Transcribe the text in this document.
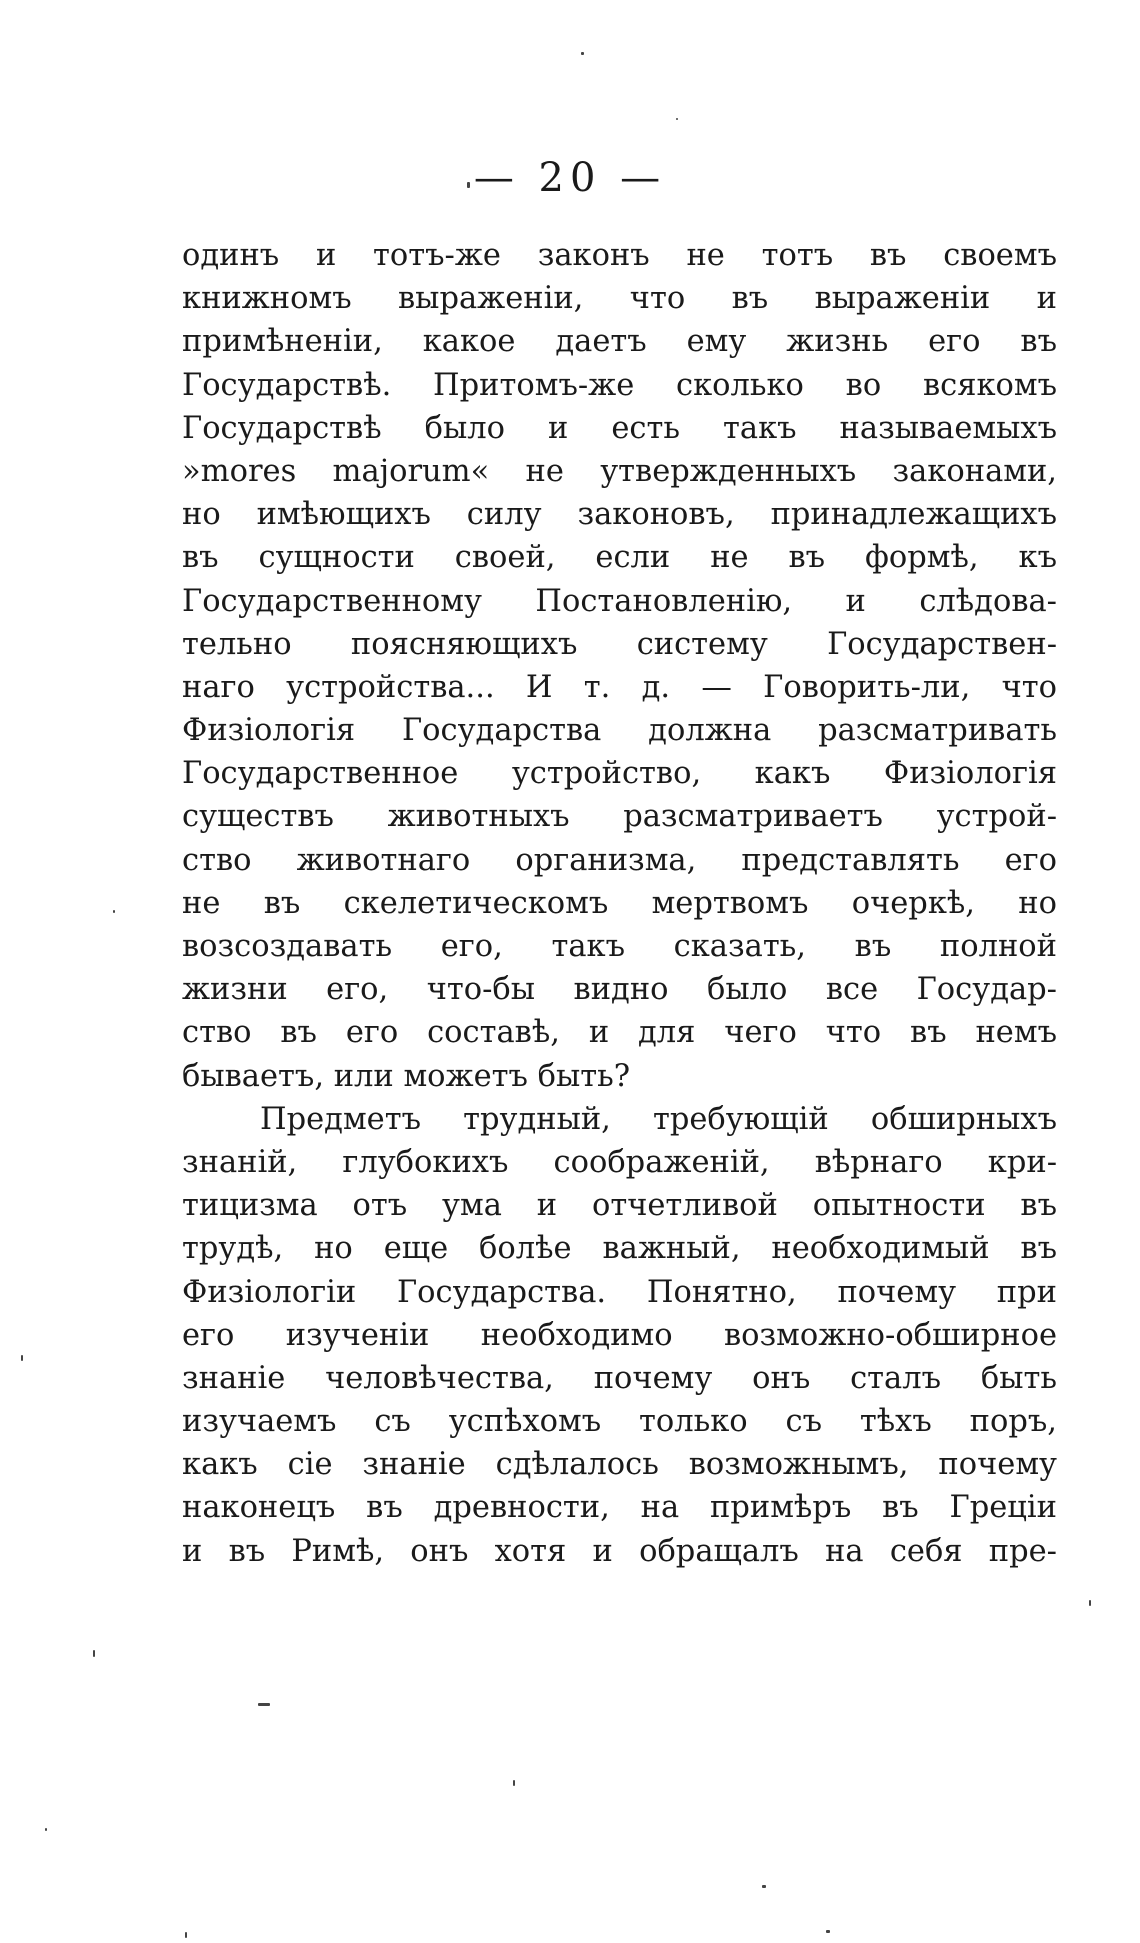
— 20 —
одинъ и тотъ-же законъ не тотъ въ своемъ
книжномъ выраженіи, что въ выраженіи и
примѣненіи, какое даетъ ему жизнь его въ
Государствѣ. Притомъ-же сколько во всякомъ
Государствѣ было и есть такъ называемыхъ
»mores majorum« не утвержденныхъ законами,
но имѣющихъ силу законовъ, принадлежащихъ
въ сущности своей, если не въ формѣ, къ
Государственному Постановленію, и слѣдова-
тельно поясняющихъ систему Государствен-
наго устройства... И т. д. — Говорить-ли, что
Физіологія Государства должна разсматривать
Государственное устройство, какъ Физіологія
существъ животныхъ разсматриваетъ устрой-
ство животнаго организма, представлять его
не въ скелетическомъ мертвомъ очеркѣ, но
возсоздавать его, такъ сказать, въ полной
жизни его, что-бы видно было все Государ-
ство въ его составѣ, и для чего что въ немъ
бываетъ, или можетъ быть?
Предметъ трудный, требующій обширныхъ
знаній, глубокихъ соображеній, вѣрнаго кри-
тицизма отъ ума и отчетливой опытности въ
трудѣ, но еще болѣе важный, необходимый въ
Физіологіи Государства. Понятно, почему при
его изученіи необходимо возможно-обширное
знаніе человѣчества, почему онъ сталъ быть
изучаемъ съ успѣхомъ только съ тѣхъ поръ,
какъ сіе знаніе сдѣлалось возможнымъ, почему
наконецъ въ древности, на примѣръ въ Греціи
и въ Римѣ, онъ хотя и обращалъ на себя пре-
